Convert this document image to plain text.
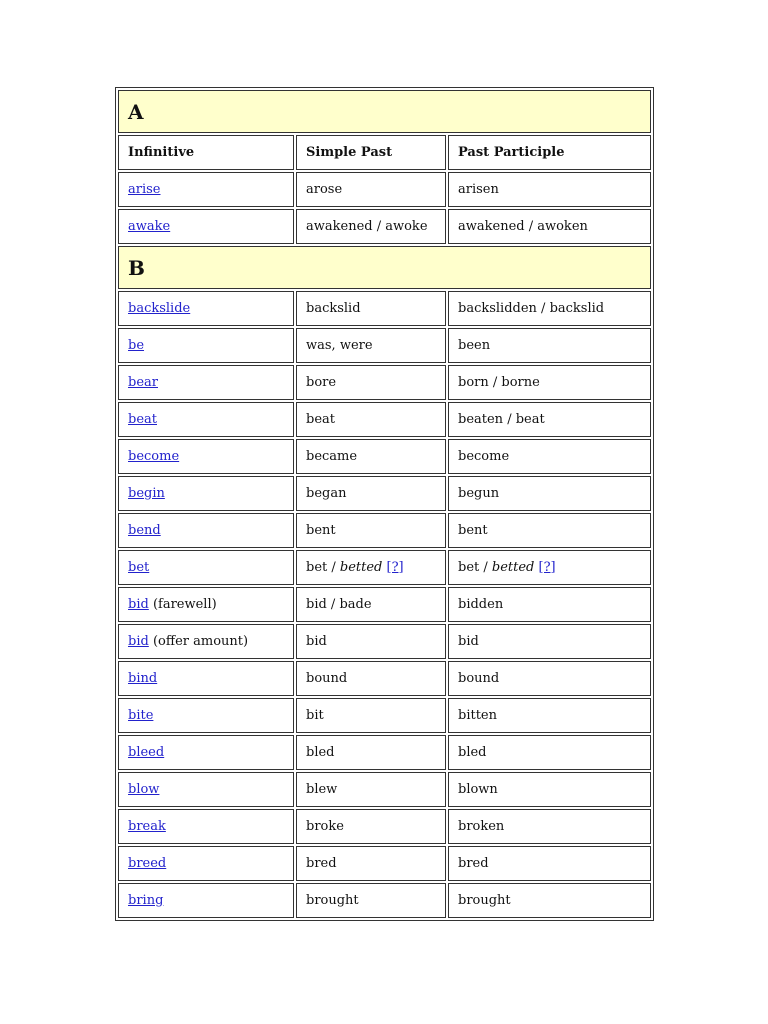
A		
Infinitive	Simple Past	Past Participle
arise	arose	arisen
awake	awakened / awoke	awakened / awoken
B		
backslide	backslid	backslidden / backslid
be	was, were	been
bear	bore	born / borne
beat	beat	beaten / beat
become	became	become
begin	began	begun
bend	bent	bent
bet	bet / betted [?]	bet / betted [?]
bid (farewell)	bid / bade	bidden
bid (offer amount)	bid	bid
bind	bound	bound
bite	bit	bitten
bleed	bled	bled
blow	blew	blown
break	broke	broken
breed	bred	bred
bring	brought	brought
